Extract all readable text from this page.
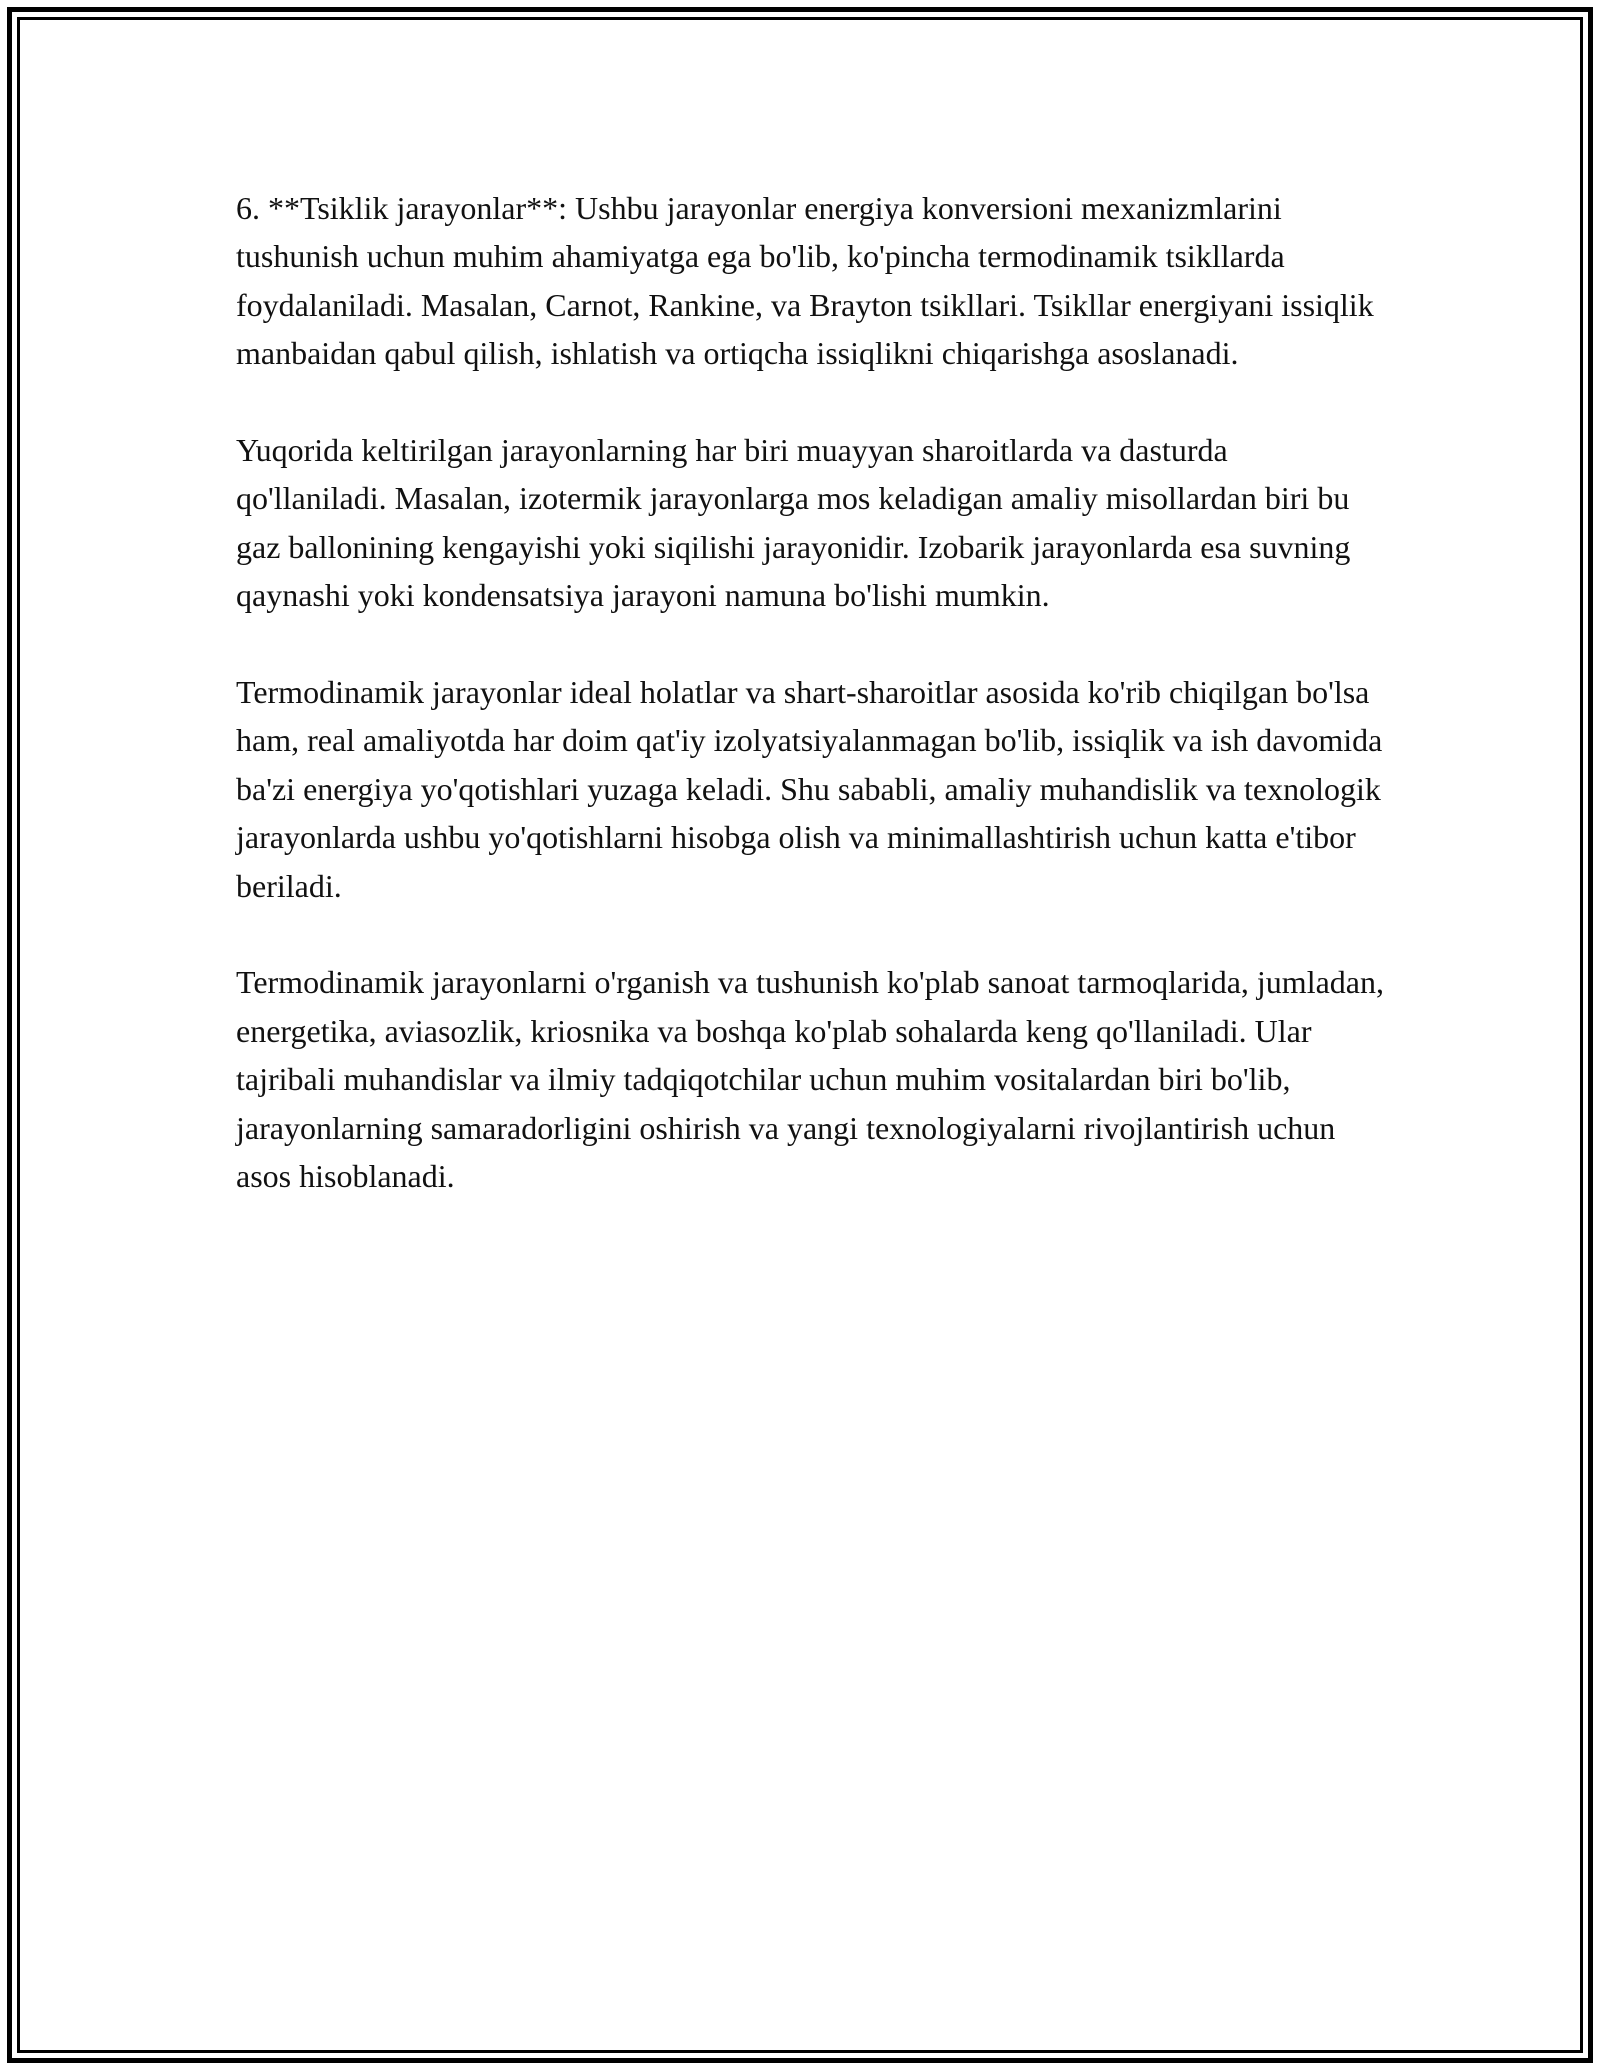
6. **Tsiklik jarayonlar**: Ushbu jarayonlar energiya konversioni mexanizmlarini tushunish uchun muhim ahamiyatga ega bo'lib, ko'pincha termodinamik tsikllarda foydalaniladi. Masalan, Carnot, Rankine, va Brayton tsikllari. Tsikllar energiyani issiqlik manbaidan qabul qilish, ishlatish va ortiqcha issiqlikni chiqarishga asoslanadi.

Yuqorida keltirilgan jarayonlarning har biri muayyan sharoitlarda va dasturda qo'llaniladi. Masalan, izotermik jarayonlarga mos keladigan amaliy misollardan biri bu gaz ballonining kengayishi yoki siqilishi jarayonidir. Izobarik jarayonlarda esa suvning qaynashi yoki kondensatsiya jarayoni namuna bo'lishi mumkin.

Termodinamik jarayonlar ideal holatlar va shart-sharoitlar asosida ko'rib chiqilgan bo'lsa ham, real amaliyotda har doim qat'iy izolyatsiyalanmagan bo'lib, issiqlik va ish davomida ba'zi energiya yo'qotishlari yuzaga keladi. Shu sababli, amaliy muhandislik va texnologik jarayonlarda ushbu yo'qotishlarni hisobga olish va minimallashtirish uchun katta e'tibor beriladi.

Termodinamik jarayonlarni o'rganish va tushunish ko'plab sanoat tarmoqlarida, jumladan, energetika, aviasozlik, kriosnika va boshqa ko'plab sohalarda keng qo'llaniladi. Ular tajribali muhandislar va ilmiy tadqiqotchilar uchun muhim vositalardan biri bo'lib, jarayonlarning samaradorligini oshirish va yangi texnologiyalarni rivojlantirish uchun asos hisoblanadi.
